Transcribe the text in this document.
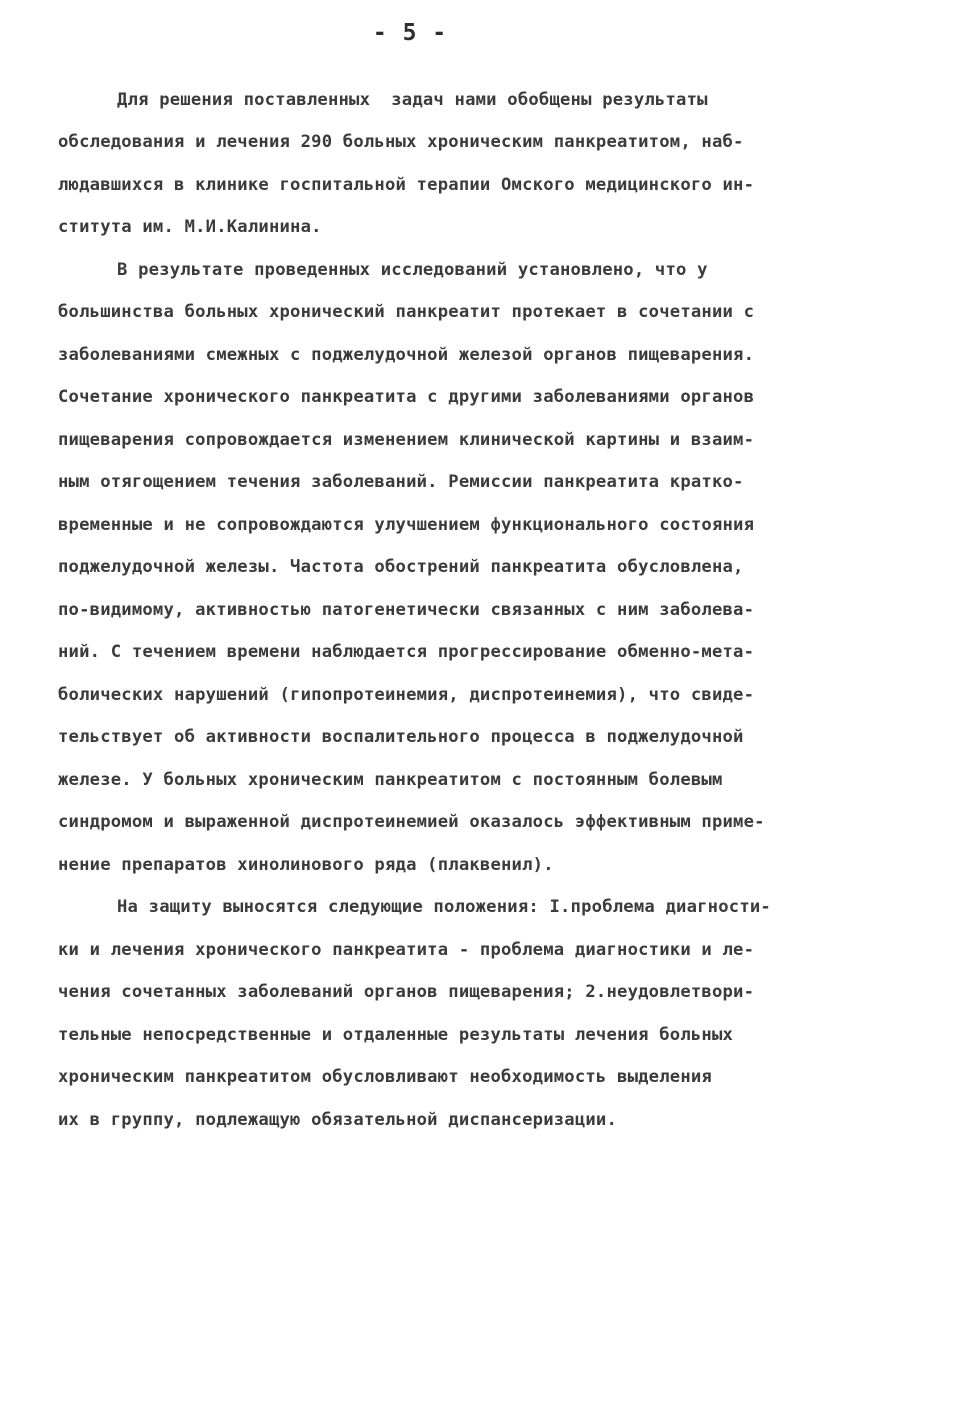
- 5 -
Для решения поставленных  задач нами обобщены результаты
обследования и лечения 290 больных хроническим панкреатитом, наб-
людавшихся в клинике госпитальной терапии Омского медицинского ин-
ститута им. М.И.Калинина.
В результате проведенных исследований установлено, что у
большинства больных хронический панкреатит протекает в сочетании с
заболеваниями смежных с поджелудочной железой органов пищеварения.
Сочетание хронического панкреатита с другими заболеваниями органов
пищеварения сопровождается изменением клинической картины и взаим-
ным отягощением течения заболеваний. Ремиссии панкреатита кратко-
временные и не сопровождаются улучшением функционального состояния
поджелудочной железы. Частота обострений панкреатита обусловлена,
по-видимому, активностью патогенетически связанных с ним заболева-
ний. С течением времени наблюдается прогрессирование обменно-мета-
болических нарушений (гипопротеинемия, диспротеинемия), что свиде-
тельствует об активности воспалительного процесса в поджелудочной
железе. У больных хроническим панкреатитом с постоянным болевым
синдромом и выраженной диспротеинемией оказалось эффективным приме-
нение препаратов хинолинового ряда (плаквенил).
На защиту выносятся следующие положения: I.проблема диагности-
ки и лечения хронического панкреатита - проблема диагностики и ле-
чения сочетанных заболеваний органов пищеварения; 2.неудовлетвори-
тельные непосредственные и отдаленные результаты лечения больных
хроническим панкреатитом обусловливают необходимость выделения
их в группу, подлежащую обязательной диспансеризации.
